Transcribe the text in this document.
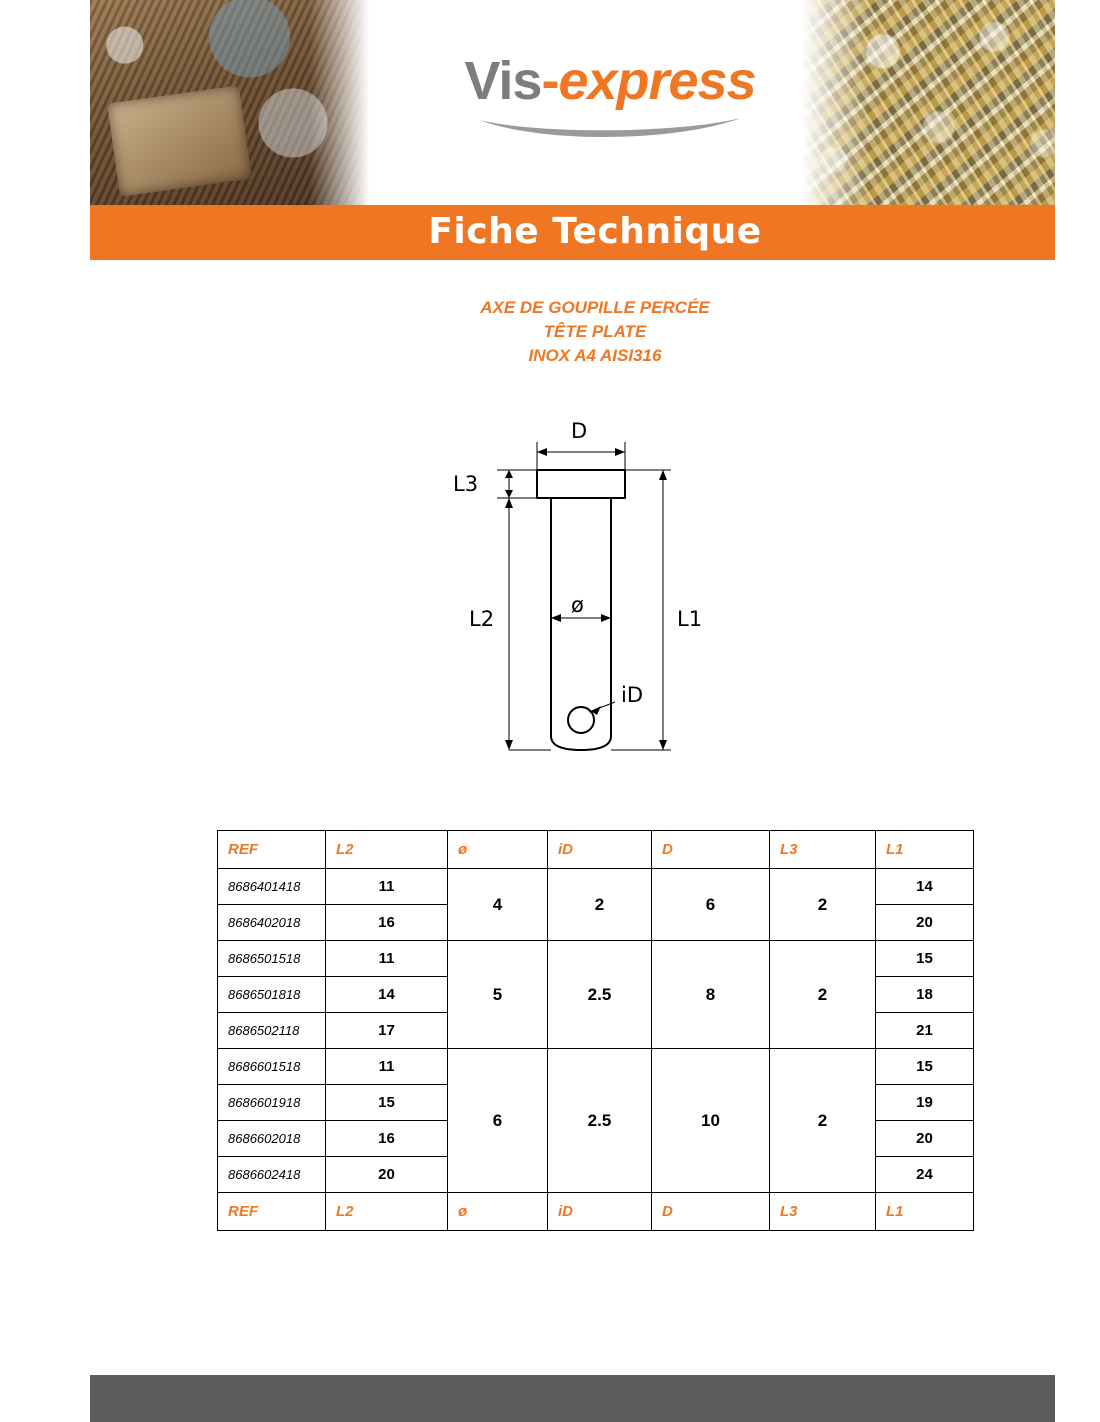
Vis-express
Fiche Technique
AXE DE GOUPILLE PERCÉE
TÊTE PLATE
INOX A4 AISI316
D
L3
L2	L1
ø
iD
REF	L2	ø	iD	D	L3	L1
8686401418	11	4	2	6	2	14
8686402018	16					20
8686501518	11	5	2.5	8	2	15
8686501818	14					18
8686502118	17					21
8686601518	11	6	2.5	10	2	15
8686601918	15					19
8686602018	16					20
8686602418	20					24
REF	L2	ø	iD	D	L3	L1
